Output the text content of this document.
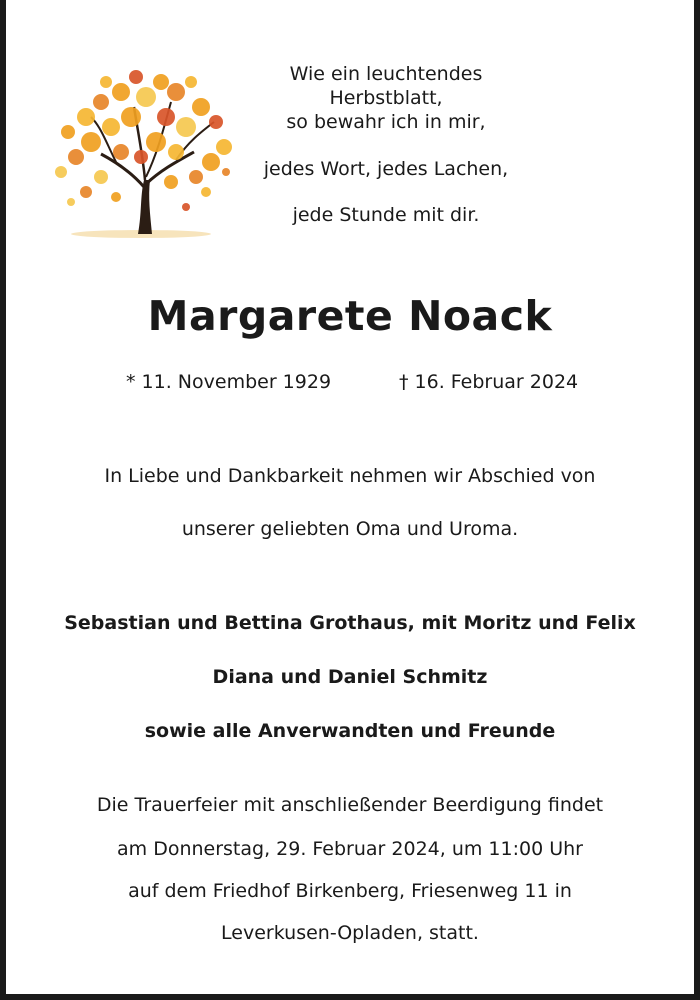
Wie ein leuchtendes Herbstblatt,
so bewahr ich in mir,
jedes Wort, jedes Lachen,
jede Stunde mit dir.
Margarete Noack
* 11. November 1929	† 16. Februar 2024
In Liebe und Dankbarkeit nehmen wir Abschied von
unserer geliebten Oma und Uroma.
Sebastian und Bettina Grothaus, mit Moritz und Felix
Diana und Daniel Schmitz
sowie alle Anverwandten und Freunde
Die Trauerfeier mit anschließender Beerdigung findet
am Donnerstag, 29. Februar 2024, um 11:00 Uhr
auf dem Friedhof Birkenberg, Friesenweg 11 in
Leverkusen-Opladen, statt.
